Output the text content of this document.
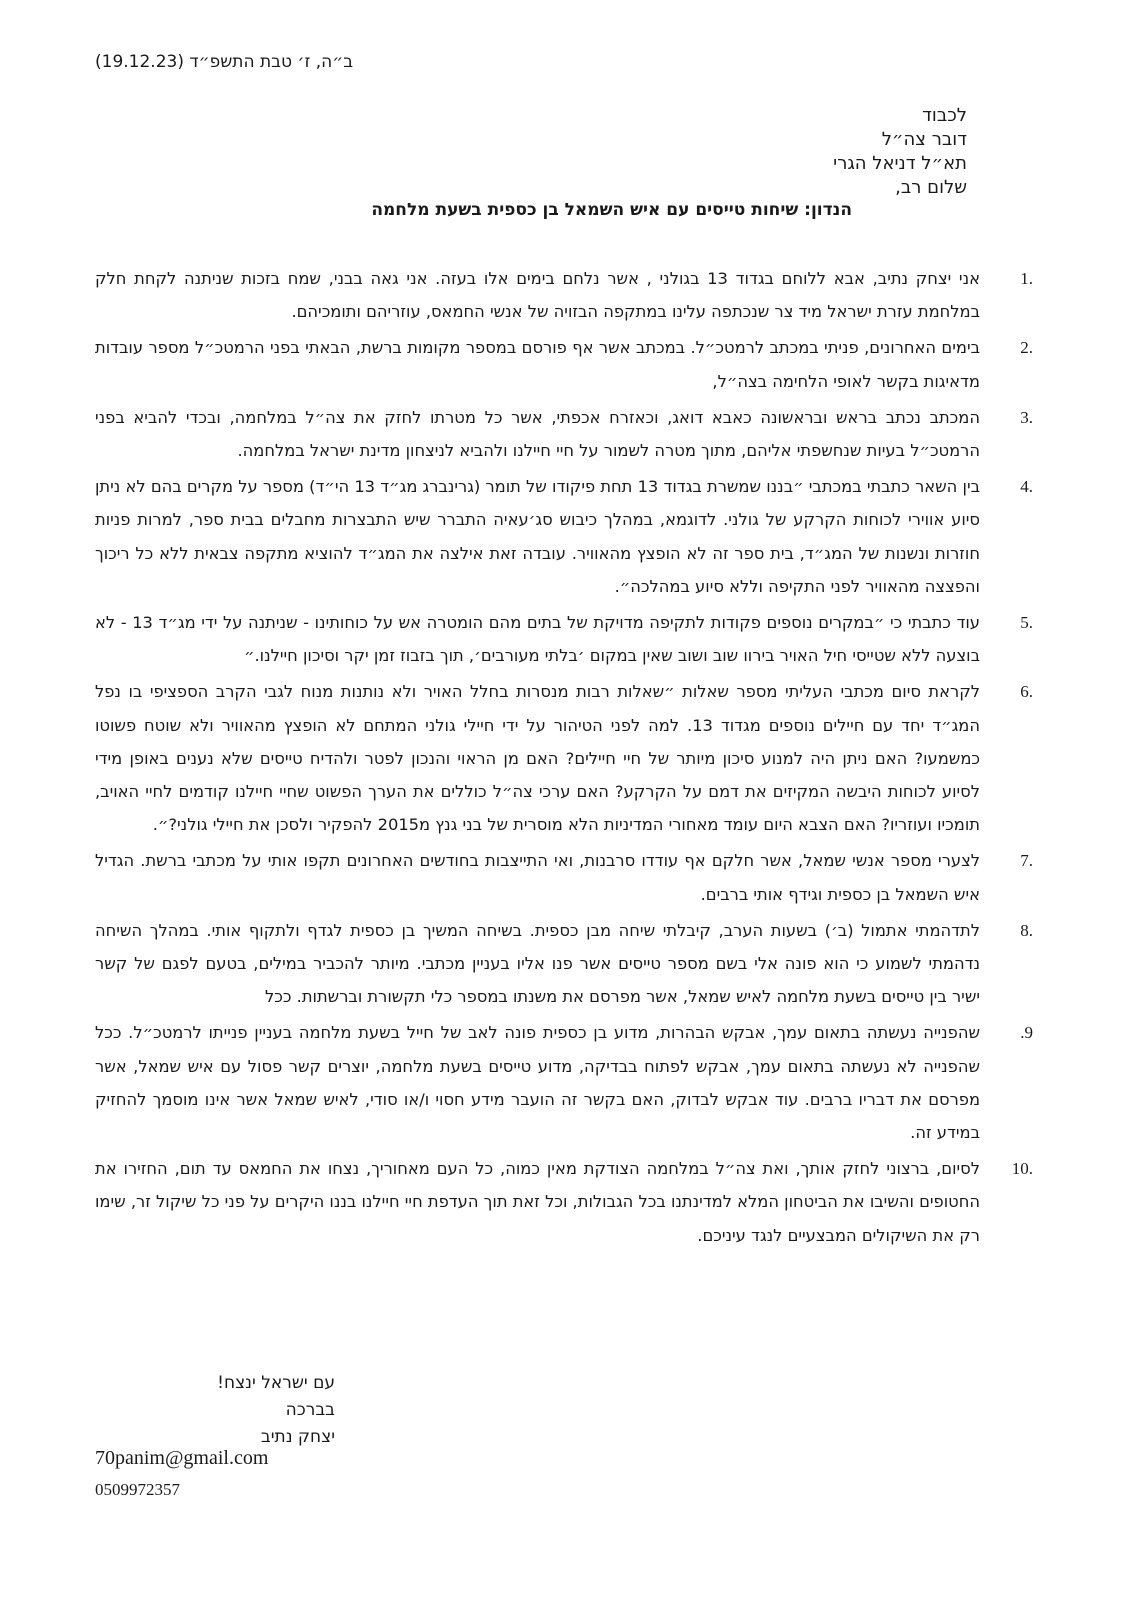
ב״ה, ז׳ טבת התשפ״ד (19.12.23)
לכבוד
דובר צה״ל
תא״ל דניאל הגרי
שלום רב,
הנדון: שיחות טייסים עם איש השמאל בן כספית בשעת מלחמה
1.
אני יצחק נתיב, אבא ללוחם בגדוד 13 בגולני , אשר נלחם בימים אלו בעזה. אני גאה בבני, שמח בזכות שניתנה לקחת חלק במלחמת עזרת ישראל מיד צר שנכתפה עלינו במתקפה הבזויה של אנשי החמאס, עוזריהם ותומכיהם.
2.
בימים האחרונים, פניתי במכתב לרמטכ״ל. במכתב אשר אף פורסם במספר מקומות ברשת, הבאתי בפני הרמטכ״ל מספר עובדות מדאיגות בקשר לאופי הלחימה בצה״ל,
3.
המכתב נכתב בראש ובראשונה כאבא דואג, וכאזרח אכפתי, אשר כל מטרתו לחזק את צה״ל במלחמה, ובכדי להביא בפני הרמטכ״ל בעיות שנחשפתי אליהם, מתוך מטרה לשמור על חיי חיילנו ולהביא לניצחון מדינת ישראל במלחמה.
4.
בין השאר כתבתי במכתבי ״בננו שמשרת בגדוד 13 תחת פיקודו של תומר (גרינברג מג״ד 13 הי״ד) מספר על מקרים בהם לא ניתן סיוע אווירי לכוחות הקרקע של גולני. לדוגמא, במהלך כיבוש סג׳עאיה התברר שיש התבצרות מחבלים בבית ספר, למרות פניות חוזרות ונשנות של המג״ד, בית ספר זה לא הופצץ מהאוויר. עובדה זאת אילצה את המג״ד להוציא מתקפה צבאית ללא כל ריכוך והפצצה מהאוויר לפני התקיפה וללא סיוע במהלכה״.
5.
עוד כתבתי כי ״במקרים נוספים פקודות לתקיפה מדויקת של בתים מהם הומטרה אש על כוחותינו - שניתנה על ידי מג״ד 13 - לא בוצעה ללא שטייסי חיל האויר בירוו שוב ושוב שאין במקום ׳בלתי מעורבים׳, תוך בזבוז זמן יקר וסיכון חיילנו.״
6.
לקראת סיום מכתבי העליתי מספר שאלות ״שאלות רבות מנסרות בחלל האויר ולא נותנות מנוח לגבי הקרב הספציפי בו נפל המג״ד יחד עם חיילים נוספים מגדוד 13. למה לפני הטיהור על ידי חיילי גולני המתחם לא הופצץ מהאוויר ולא שוטח פשוטו כמשמעו? האם ניתן היה למנוע סיכון מיותר של חיי חיילים? האם מן הראוי והנכון לפטר ולהדיח טייסים שלא נענים באופן מידי לסיוע לכוחות היבשה המקיזים את דמם על הקרקע? האם ערכי צה״ל כוללים את הערך הפשוט שחיי חיילנו קודמים לחיי האויב, תומכיו ועוזריו? האם הצבא היום עומד מאחורי המדיניות הלא מוסרית של בני גנץ מ2015 להפקיר ולסכן את חיילי גולני?״.
7.
לצערי מספר אנשי שמאל, אשר חלקם אף עודדו סרבנות, ואי התייצבות בחודשים האחרונים תקפו אותי על מכתבי ברשת. הגדיל איש השמאל בן כספית וגידף אותי ברבים.
8.
לתדהמתי אתמול (ב׳) בשעות הערב, קיבלתי שיחה מבן כספית. בשיחה המשיך בן כספית לגדף ולתקוף אותי. במהלך השיחה נדהמתי לשמוע כי הוא פונה אלי בשם מספר טייסים אשר פנו אליו בעניין מכתבי. מיותר להכביר במילים, בטעם לפגם של קשר ישיר בין טייסים בשעת מלחמה לאיש שמאל, אשר מפרסם את משנתו במספר כלי תקשורת וברשתות. ככל
.9
שהפנייה נעשתה בתאום עמך, אבקש הבהרות, מדוע בן כספית פונה לאב של חייל בשעת מלחמה בעניין פנייתו לרמטכ״ל. ככל שהפנייה לא נעשתה בתאום עמך, אבקש לפתוח בבדיקה, מדוע טייסים בשעת מלחמה, יוצרים קשר פסול עם איש שמאל, אשר מפרסם את דבריו ברבים. עוד אבקש לבדוק, האם בקשר זה הועבר מידע חסוי ו/או סודי, לאיש שמאל אשר אינו מוסמך להחזיק במידע זה.
10.
לסיום, ברצוני לחזק אותך, ואת צה״ל במלחמה הצודקת מאין כמוה, כל העם מאחוריך, נצחו את החמאס עד תום, החזירו את החטופים והשיבו את הביטחון המלא למדינתנו בכל הגבולות, וכל זאת תוך העדפת חיי חיילנו בננו היקרים על פני כל שיקול זר, שימו רק את השיקולים המבצעיים לנגד עיניכם.
עם ישראל ינצח!
בברכה
יצחק נתיב
70panim@gmail.com
0509972357
